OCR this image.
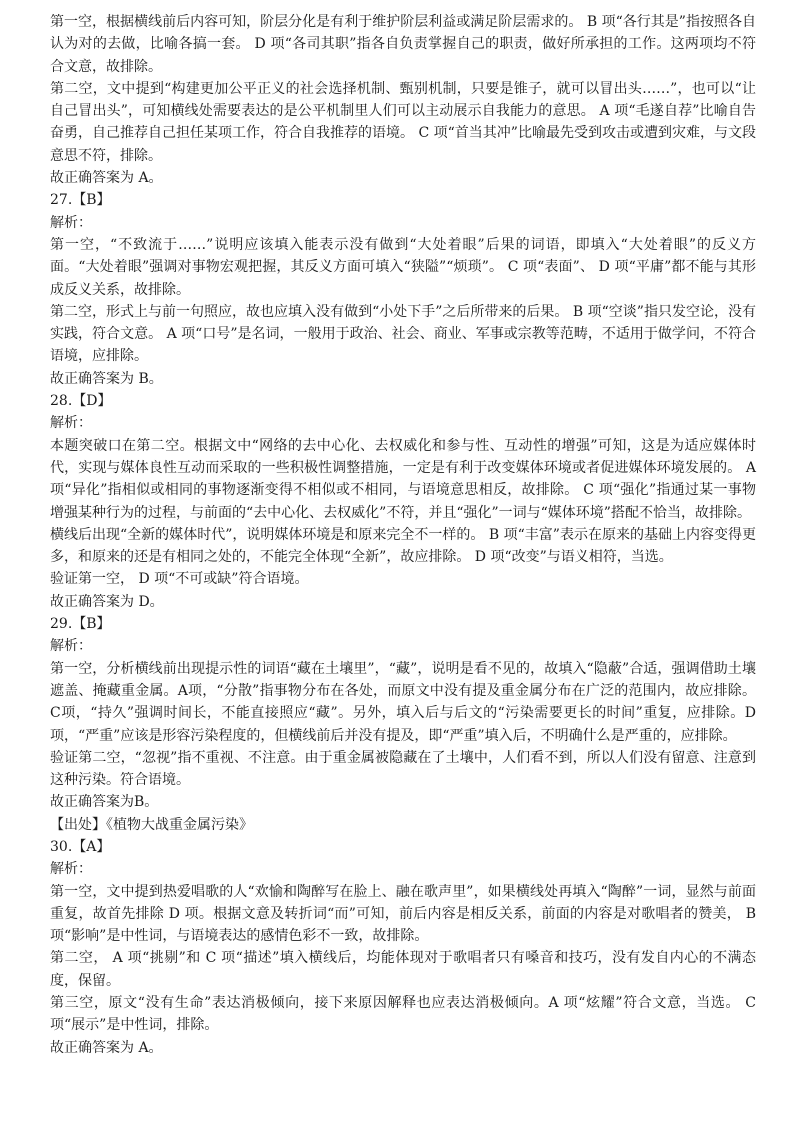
第一空，根据横线前后内容可知，阶层分化是有利于维护阶层利益或满足阶层需求的。 B 项“各行其是”指按照各自认为对的去做，比喻各搞一套。 D 项“各司其职”指各自负责掌握自己的职责，做好所承担的工作。这两项均不符合文意，故排除。

第二空，文中提到“构建更加公平正义的社会选择机制、甄别机制，只要是锥子，就可以冒出头……”，也可以“让自己冒出头”，可知横线处需要表达的是公平机制里人们可以主动展示自我能力的意思。 A 项“毛遂自荐”比喻自告奋勇，自己推荐自己担任某项工作，符合自我推荐的语境。 C 项“首当其冲”比喻最先受到攻击或遭到灾难，与文段意思不符，排除。

故正确答案为 A。

27.【B】

解析：

第一空，“不致流于……”说明应该填入能表示没有做到“大处着眼”后果的词语，即填入“大处着眼”的反义方面。“大处着眼”强调对事物宏观把握，其反义方面可填入“狭隘”“烦琐”。 C 项“表面”、 D 项“平庸”都不能与其形成反义关系，故排除。

第二空，形式上与前一句照应，故也应填入没有做到“小处下手”之后所带来的后果。 B 项“空谈”指只发空论，没有实践，符合文意。 A 项“口号”是名词，一般用于政治、社会、商业、军事或宗教等范畴，不适用于做学问，不符合语境，应排除。

故正确答案为 B。

28.【D】

解析：

本题突破口在第二空。根据文中“网络的去中心化、去权威化和参与性、互动性的增强”可知，这是为适应媒体时代，实现与媒体良性互动而采取的一些积极性调整措施，一定是有利于改变媒体环境或者促进媒体环境发展的。 A 项“异化”指相似或相同的事物逐渐变得不相似或不相同，与语境意思相反，故排除。 C 项“强化”指通过某一事物增强某种行为的过程，与前面的“去中心化、去权威化”不符，并且“强化”一词与“媒体环境”搭配不恰当，故排除。

横线后出现“全新的媒体时代”，说明媒体环境是和原来完全不一样的。 B 项“丰富”表示在原来的基础上内容变得更多，和原来的还是有相同之处的，不能完全体现“全新”，故应排除。 D 项“改变”与语义相符，当选。

验证第一空， D 项“不可或缺”符合语境。

故正确答案为 D。

29.【B】

解析：

第一空，分析横线前出现提示性的词语“藏在土壤里”，“藏”，说明是看不见的，故填入“隐蔽”合适，强调借助土壤遮盖、掩藏重金属。A项，“分散”指事物分布在各处，而原文中没有提及重金属分布在广泛的范围内，故应排除。C项，“持久”强调时间长，不能直接照应“藏”。另外，填入后与后文的“污染需要更长的时间”重复，应排除。D项，“严重”应该是形容污染程度的，但横线前后并没有提及，即“严重”填入后，不明确什么是严重的，应排除。

验证第二空，“忽视”指不重视、不注意。由于重金属被隐藏在了土壤中，人们看不到，所以人们没有留意、注意到这种污染。符合语境。

故正确答案为B。

【出处】《植物大战重金属污染》

30.【A】

解析：

第一空，文中提到热爱唱歌的人“欢愉和陶醉写在脸上、融在歌声里”，如果横线处再填入“陶醉”一词，显然与前面重复，故首先排除 D 项。根据文意及转折词“而”可知，前后内容是相反关系，前面的内容是对歌唱者的赞美， B 项“影响”是中性词，与语境表达的感情色彩不一致，故排除。

第二空， A 项“挑剔”和 C 项“描述”填入横线后，均能体现对于歌唱者只有嗓音和技巧，没有发自内心的不满态度，保留。

第三空，原文“没有生命”表达消极倾向，接下来原因解释也应表达消极倾向。A 项“炫耀”符合文意，当选。 C 项“展示”是中性词，排除。

故正确答案为 A。
